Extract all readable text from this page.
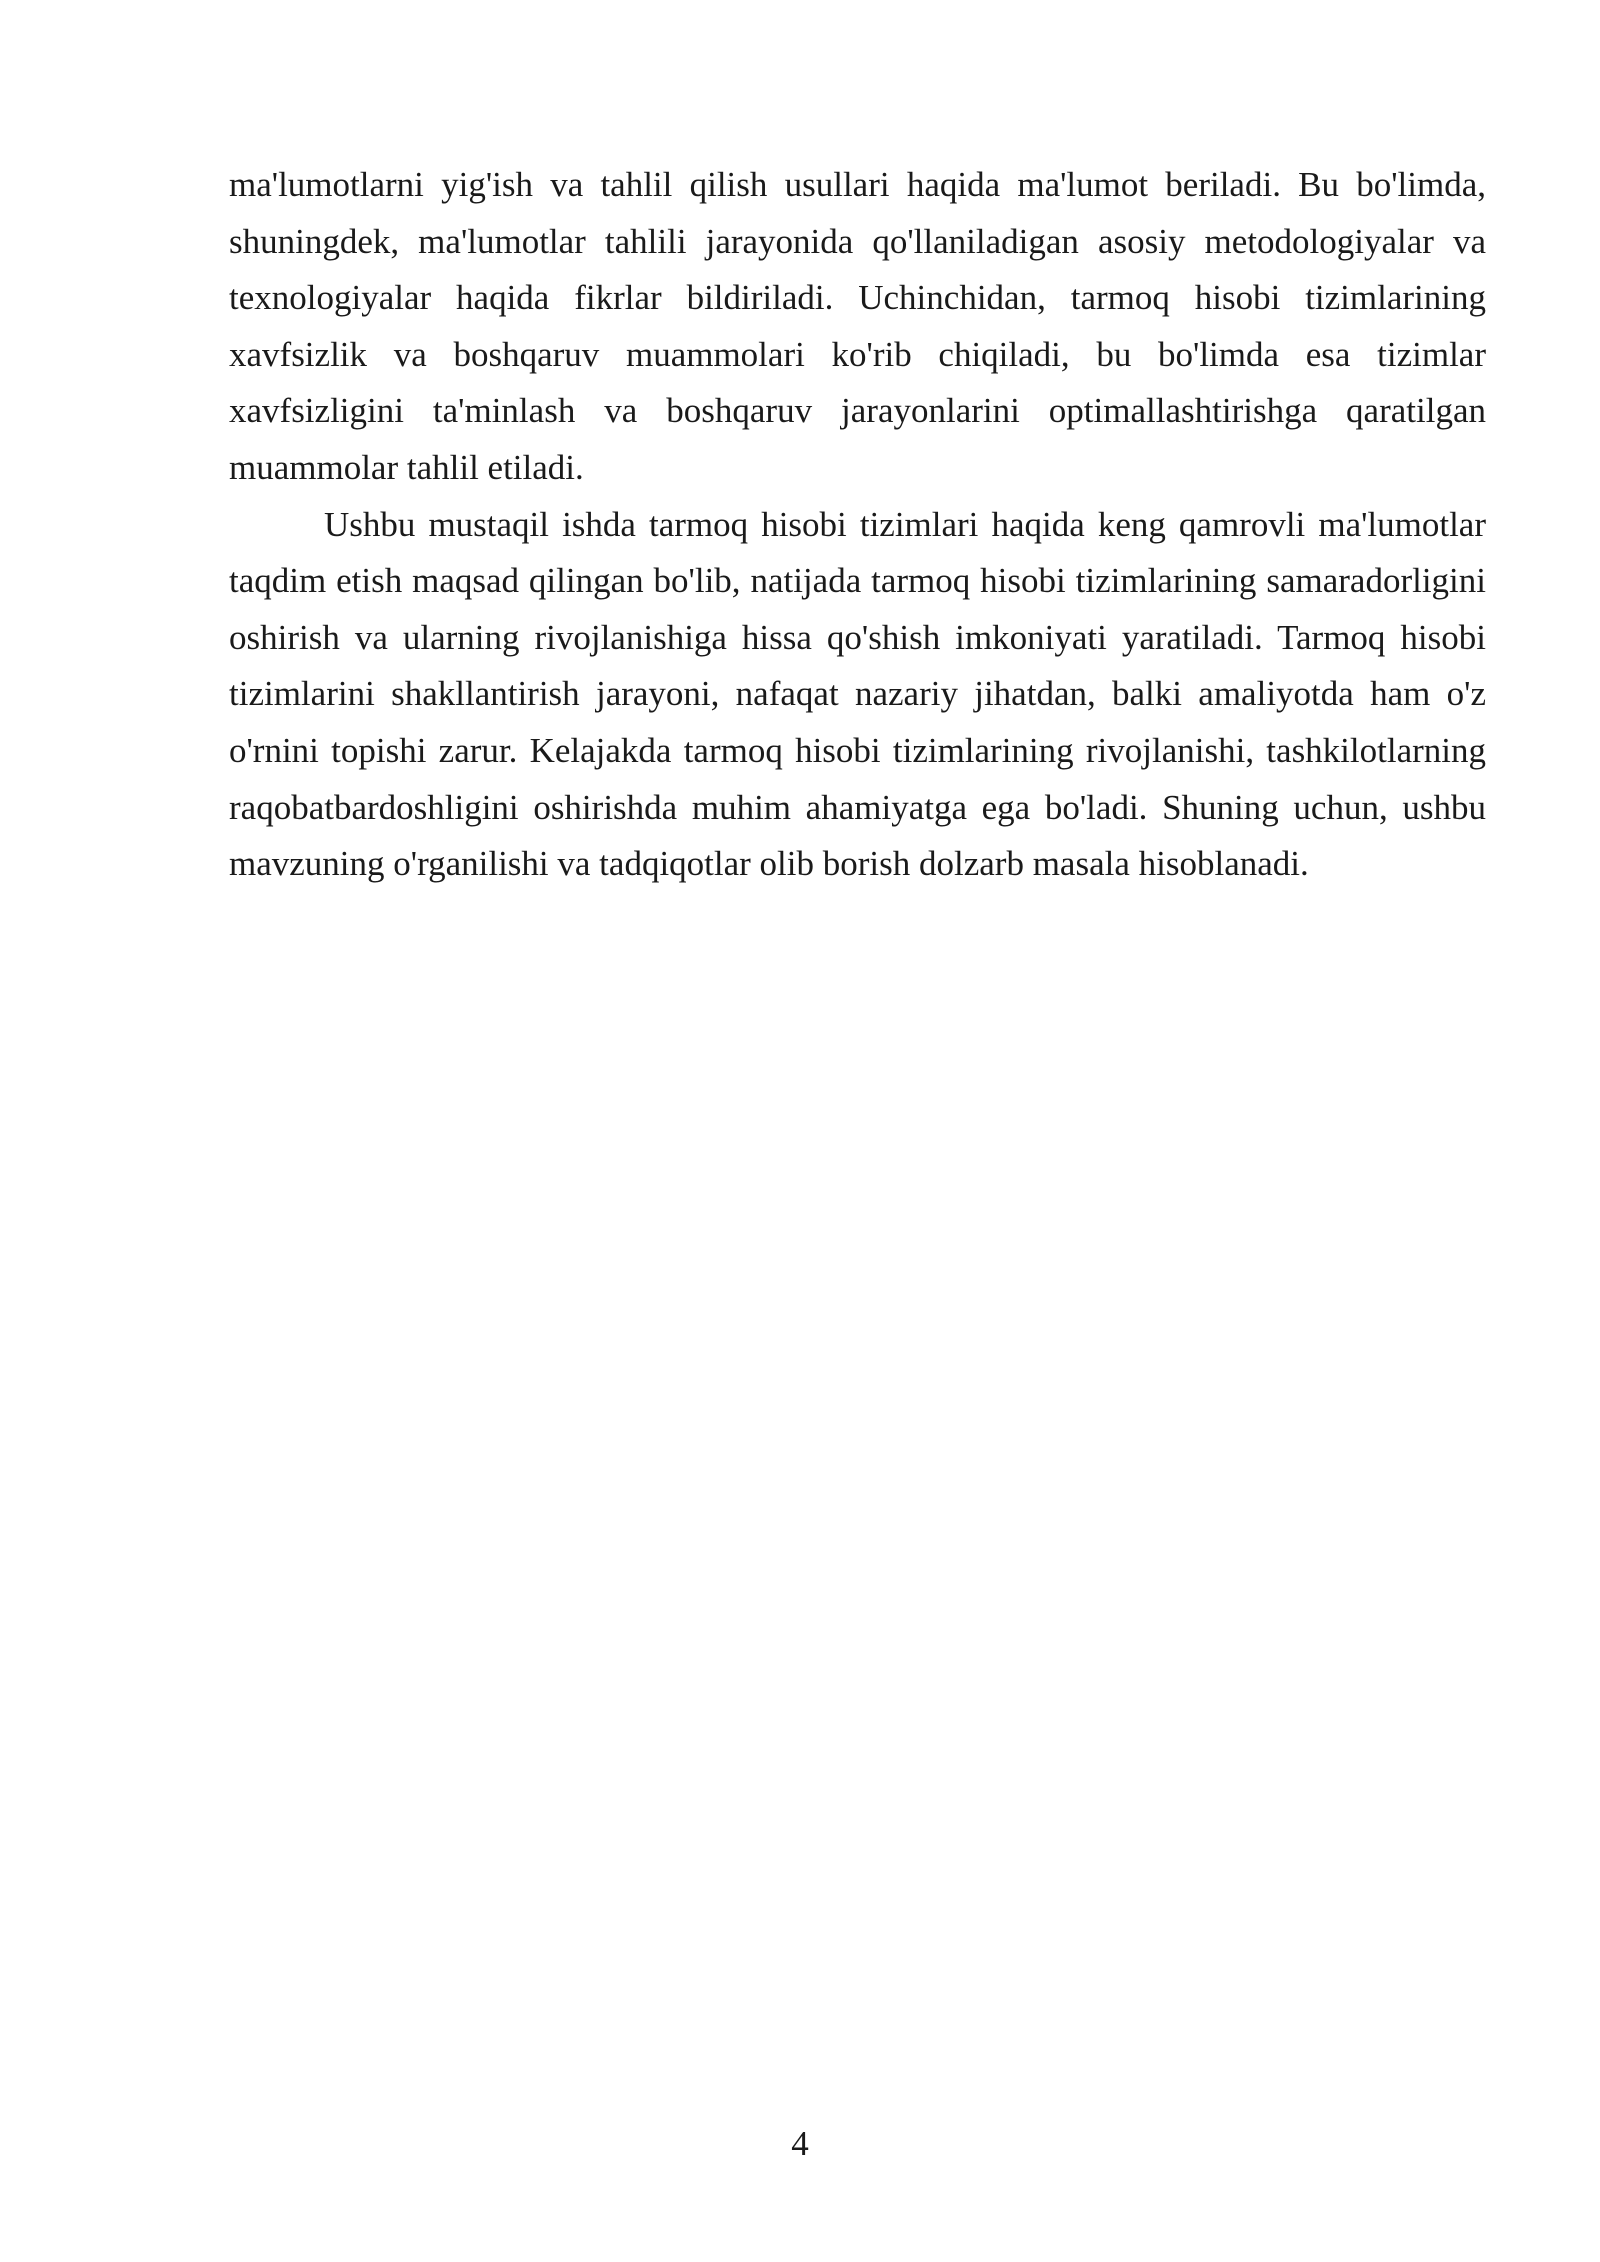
ma'lumotlarni yig'ish va tahlil qilish usullari haqida ma'lumot beriladi. Bu bo'limda, shuningdek, ma'lumotlar tahlili jarayonida qo'llaniladigan asosiy metodologiyalar va texnologiyalar haqida fikrlar bildiriladi. Uchinchidan, tarmoq hisobi tizimlarining xavfsizlik va boshqaruv muammolari ko'rib chiqiladi, bu bo'limda esa tizimlar xavfsizligini ta'minlash va boshqaruv jarayonlarini optimallashtirishga qaratilgan muammolar tahlil etiladi.

Ushbu mustaqil ishda tarmoq hisobi tizimlari haqida keng qamrovli ma'lumotlar taqdim etish maqsad qilingan bo'lib, natijada tarmoq hisobi tizimlarining samaradorligini oshirish va ularning rivojlanishiga hissa qo'shish imkoniyati yaratiladi. Tarmoq hisobi tizimlarini shakllantirish jarayoni, nafaqat nazariy jihatdan, balki amaliyotda ham o'z o'rnini topishi zarur. Kelajakda tarmoq hisobi tizimlarining rivojlanishi, tashkilotlarning raqobatbardoshligini oshirishda muhim ahamiyatga ega bo'ladi. Shuning uchun, ushbu mavzuning o'rganilishi va tadqiqotlar olib borish dolzarb masala hisoblanadi.

4
